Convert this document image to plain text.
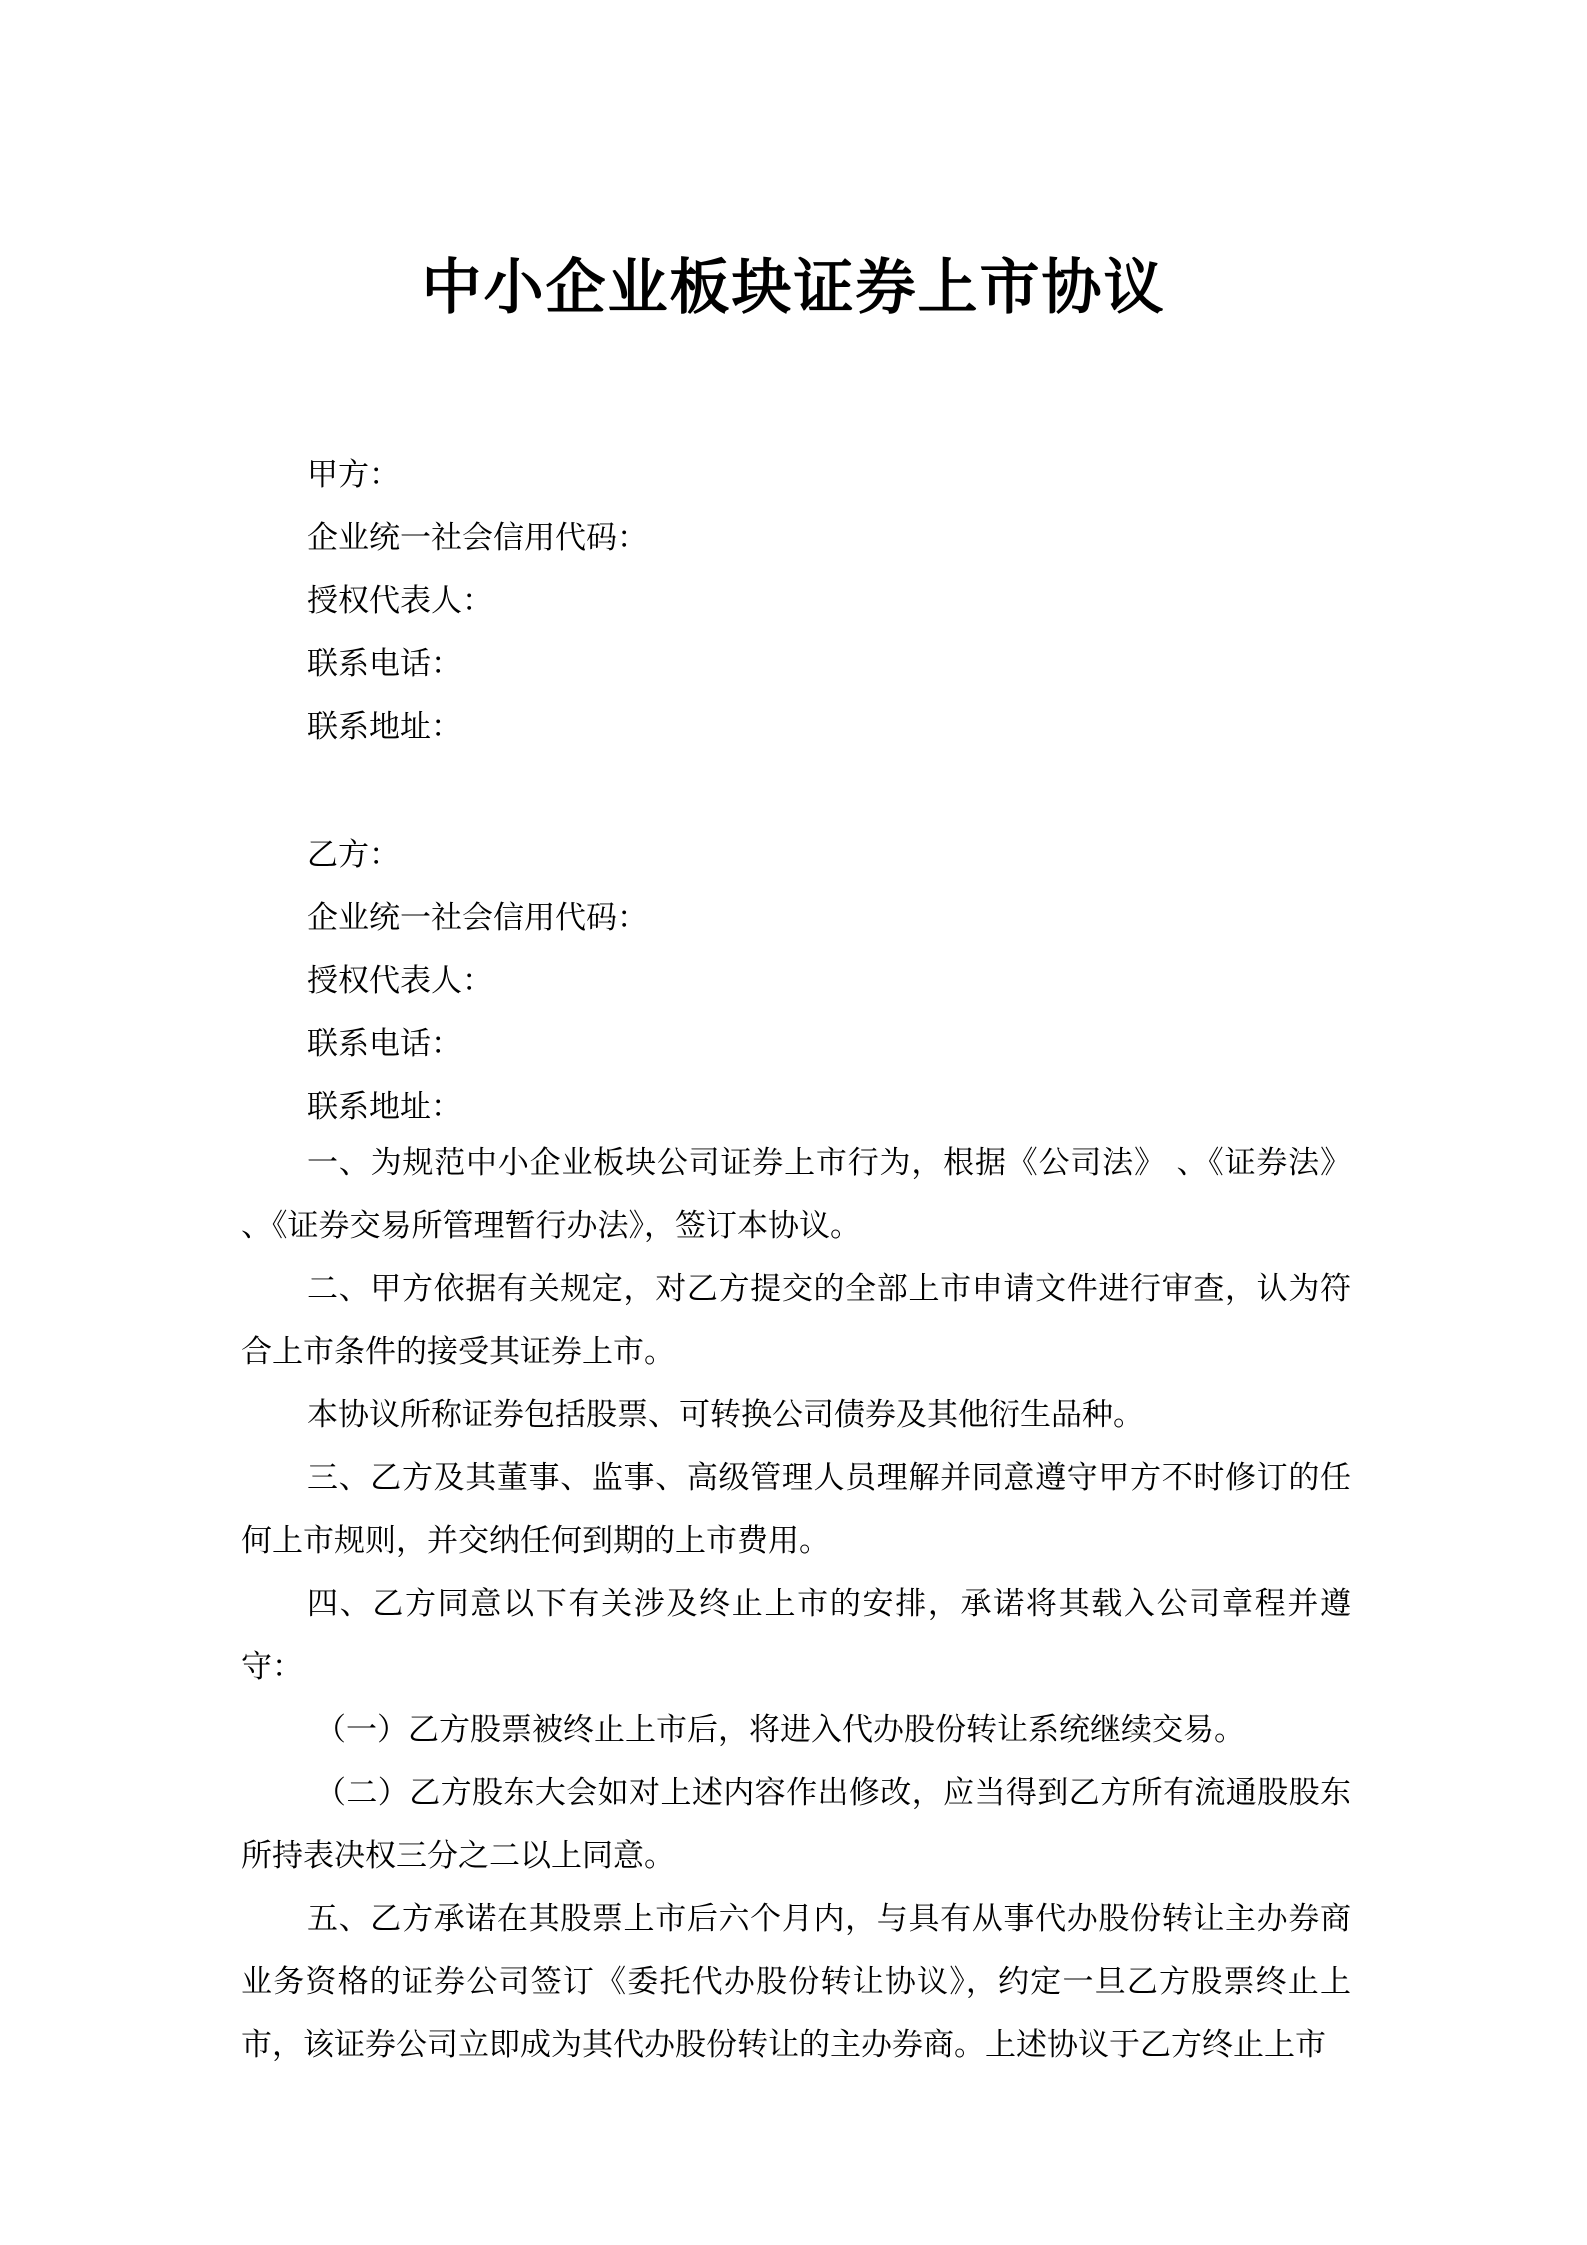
中小企业板块证券上市协议
甲方：
企业统一社会信用代码：
授权代表人：
联系电话：
联系地址：
乙方：
企业统一社会信用代码：
授权代表人：
联系电话：
联系地址：

一、为规范中小企业板块公司证券上市行为，根据《公司法》 、《证券法》 、《证券交易所管理暂行办法》，签订本协议。

二、甲方依据有关规定，对乙方提交的全部上市申请文件进行审查，认为符合上市条件的接受其证券上市。

本协议所称证券包括股票、可转换公司债券及其他衍生品种。

三、乙方及其董事、监事、高级管理人员理解并同意遵守甲方不时修订的任何上市规则，并交纳任何到期的上市费用。

四、乙方同意以下有关涉及终止上市的安排，承诺将其载入公司章程并遵守：

（一）乙方股票被终止上市后，将进入代办股份转让系统继续交易。

（二）乙方股东大会如对上述内容作出修改，应当得到乙方所有流通股股东所持表决权三分之二以上同意。

五、乙方承诺在其股票上市后六个月内，与具有从事代办股份转让主办券商业务资格的证券公司签订《委托代办股份转让协议》，约定一旦乙方股票终止上市，该证券公司立即成为其代办股份转让的主办券商。上述协议于乙方终止上市
